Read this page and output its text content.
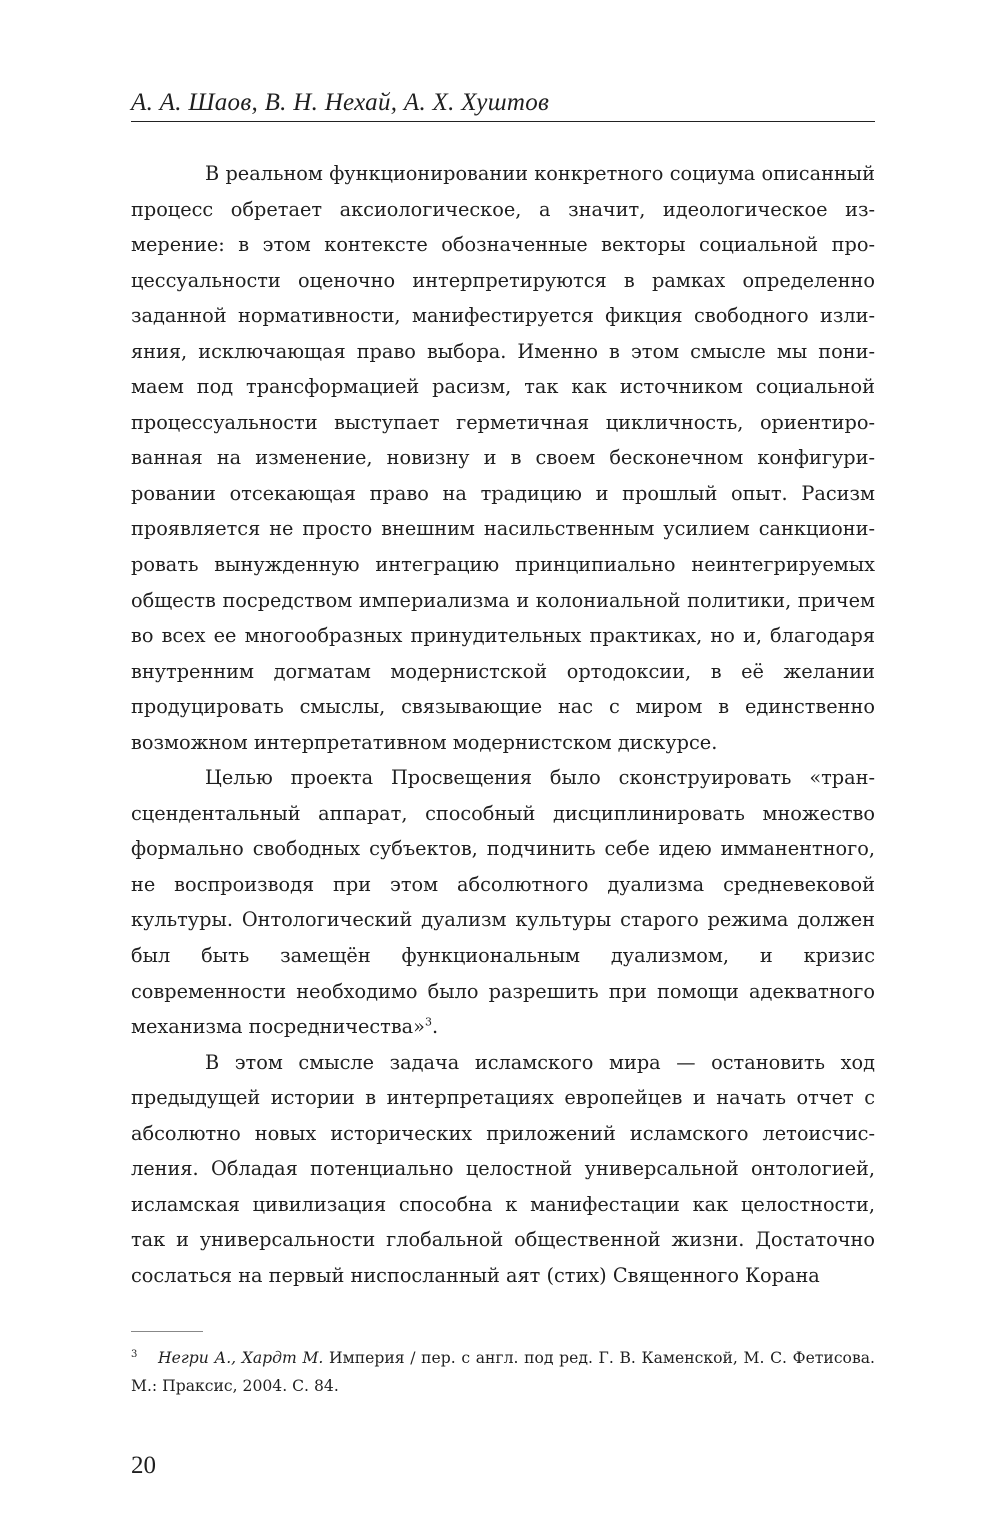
А. А. Шаов, В. Н. Нехай, А. Х. Хуштов

В реальном функционировании конкретного социума описанный процесс обретает аксиологическое, а значит, идеологическое измерение: в этом контексте обозначенные векторы социальной процессуальности оценочно интерпретируются в рамках определенно заданной нормативности, манифестируется фикция свободного излияния, исключающая право выбора. Именно в этом смысле мы понимаем под трансформацией расизм, так как источником социальной процессуальности выступает герметичная цикличность, ориентированная на изменение, новизну и в своем бесконечном конфигурировании отсекающая право на традицию и прошлый опыт. Расизм проявляется не просто внешним насильственным усилием санкционировать вынужденную интеграцию принципиально неинтегрируемых обществ посредством империализма и колониальной политики, причем во всех ее многообразных принудительных практиках, но и, благодаря внутренним догматам модернистской ортодоксии, в её желании продуцировать смыслы, связывающие нас с миром в единственно возможном интерпретативном модернистском дискурсе.

Целью проекта Просвещения было сконструировать «трансцендентальный аппарат, способный дисциплинировать множество формально свободных субъектов, подчинить себе идею имманентного, не воспроизводя при этом абсолютного дуализма средневековой культуры. Онтологический дуализм культуры старого режима должен был быть замещён функциональным дуализмом, и кризис современности необходимо было разрешить при помощи адекватного механизма посредничества»$^3$.

В этом смысле задача исламского мира — остановить ход предыдущей истории в интерпретациях европейцев и начать отчет с абсолютно новых исторических приложений исламского летоисчисления. Обладая потенциально целостной универсальной онтологией, исламская цивилизация способна к манифестации как целостности, так и универсальности глобальной общественной жизни. Достаточно сослаться на первый ниспосланный аят (стих) Священного Корана

3 Негри А., Хардт М. Империя / пер. с англ. под ред. Г. В. Каменской, М. С. Фетисова. М.: Праксис, 2004. С. 84.
20
